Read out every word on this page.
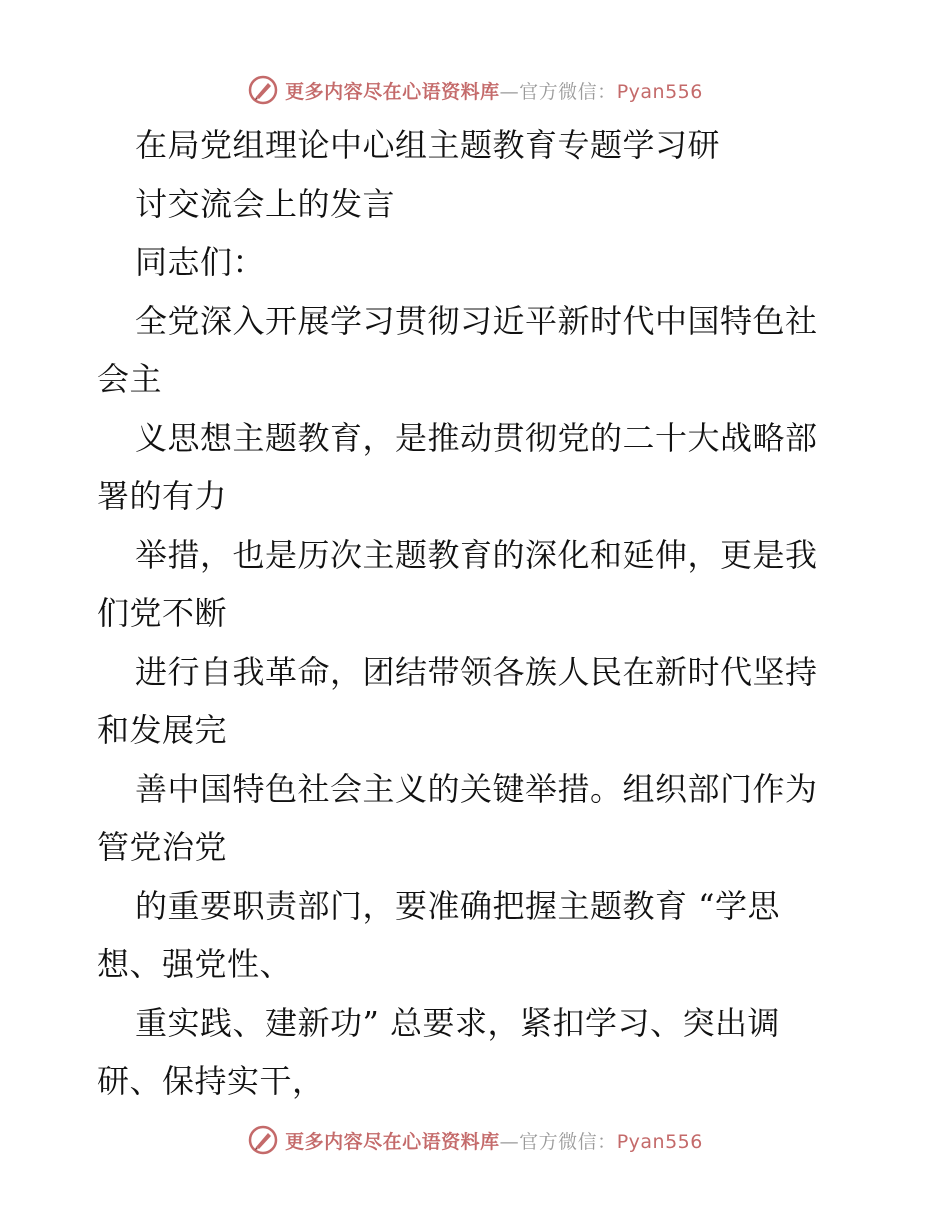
更多内容尽在心语资料库—官方微信：Pyan556
在局党组理论中心组主题教育专题学习研
讨交流会上的发言
同志们：
全党深入开展学习贯彻习近平新时代中国特色社
会主
义思想主题教育，是推动贯彻党的二十大战略部
署的有力
举措，也是历次主题教育的深化和延伸，更是我
们党不断
进行自我革命，团结带领各族人民在新时代坚持
和发展完
善中国特色社会主义的关键举措。组织部门作为
管党治党
的重要职责部门，要准确把握主题教育 “学思
想、强党性、
重实践、建新功” 总要求，紧扣学习、突出调
研、保持实干，
更多内容尽在心语资料库—官方微信：Pyan556
